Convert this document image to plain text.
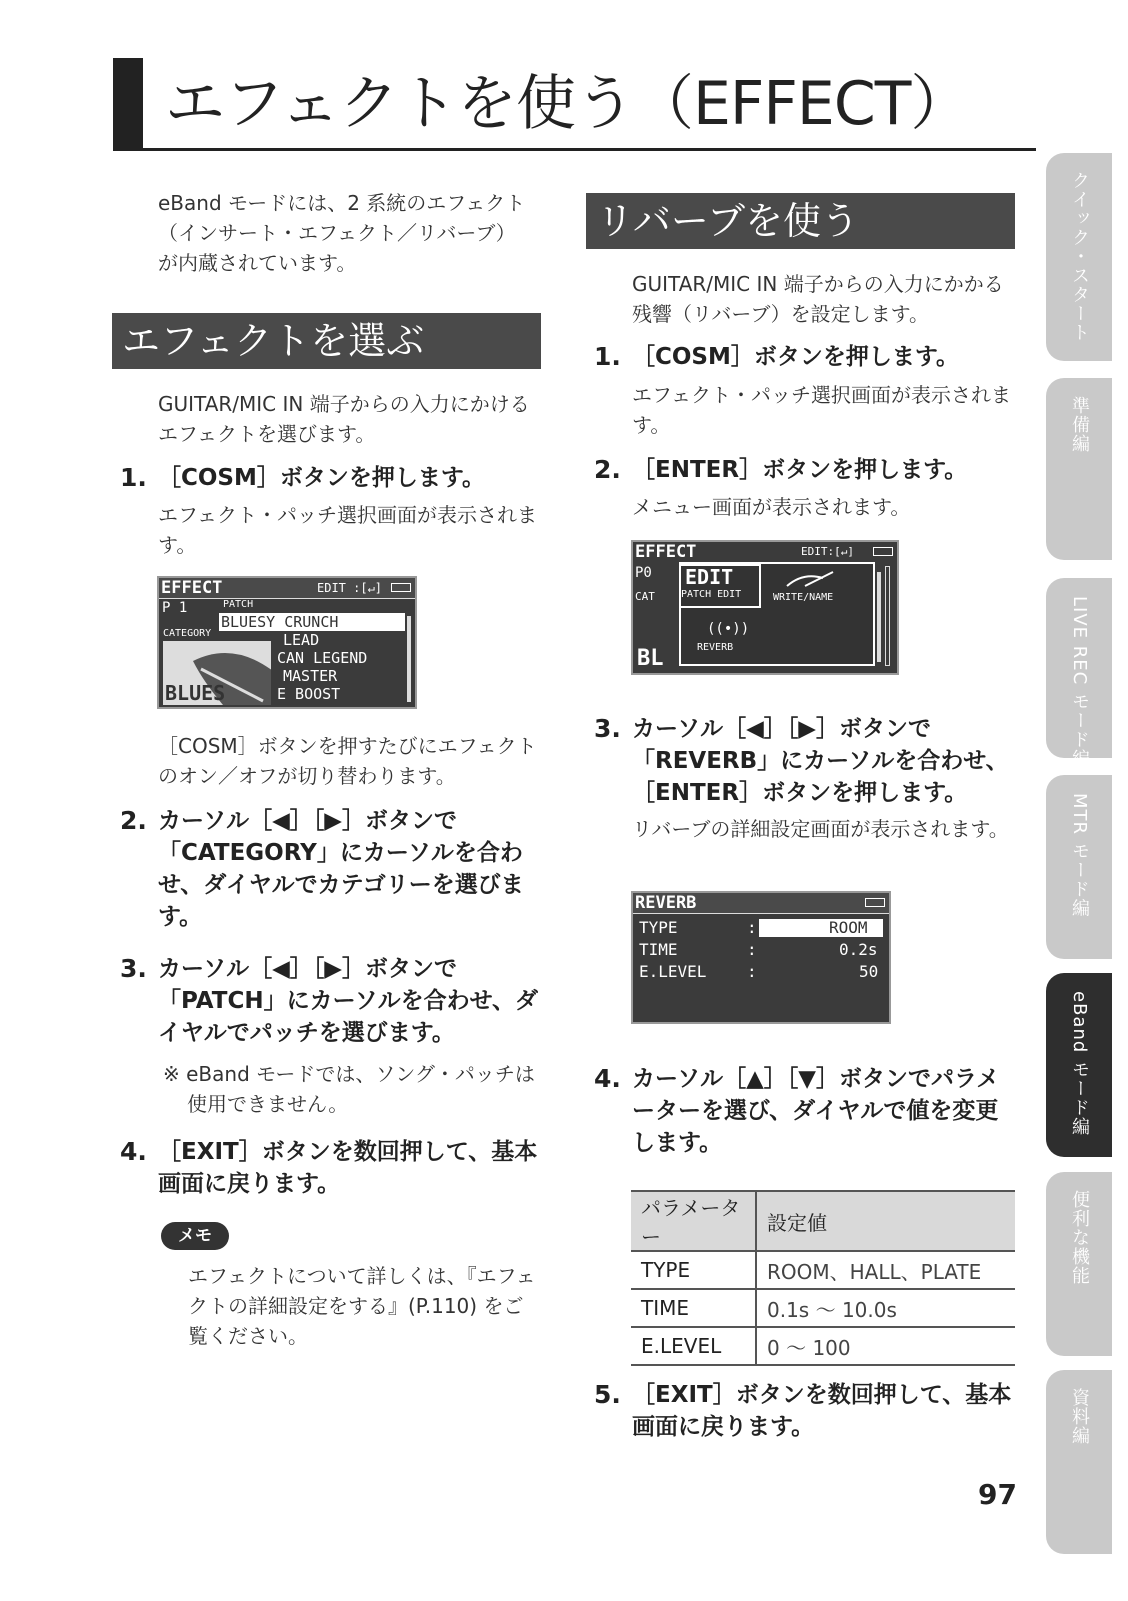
エフェクトを使う（EFFECT）
eBand モードには、2 系統のエフェクト（インサート・エフェクト／リバーブ）が内蔵されています。
エフェクトを選ぶ
GUITAR/MIC IN 端子からの入力にかけるエフェクトを選びます。
1. ［COSM］ボタンを押します。
エフェクト・パッチ選択画面が表示されます。
EFFECT	EDIT :[↵]
P 1	PATCH
CATEGORY
BLUESY CRUNCH
LEAD
CAN LEGEND
MASTER
E BOOST
BLUES
［COSM］ボタンを押すたびにエフェクトのオン／オフが切り替わります。
2. カーソル［◀］［▶］ボタンで「CATEGORY」にカーソルを合わせ、ダイヤルでカテゴリーを選びます。
3. カーソル［◀］［▶］ボタンで「PATCH」にカーソルを合わせ、ダイヤルでパッチを選びます。
※ eBand モードでは、ソング・パッチは使用できません。
4. ［EXIT］ボタンを数回押して、基本画面に戻ります。
メモ
エフェクトについて詳しくは、『エフェクトの詳細設定をする』(P.110) をご覧ください。
リバーブを使う
GUITAR/MIC IN 端子からの入力にかかる残響（リバーブ）を設定します。
1. ［COSM］ボタンを押します。
エフェクト・パッチ選択画面が表示されます。
2. ［ENTER］ボタンを押します。
メニュー画面が表示されます。
EFFECT	EDIT:[↵]
P0
CAT
BL
EDIT
PATCH EDIT	WRITE/NAME
((•))
REVERB
3. カーソル［◀］［▶］ボタンで「REVERB」にカーソルを合わせ、［ENTER］ボタンを押します。
リバーブの詳細設定画面が表示されます。
REVERB
TYPE	:	ROOM
TIME	:	0.2s
E.LEVEL	:	50
4. カーソル［▲］［▼］ボタンでパラメーターを選び、ダイヤルで値を変更します。
パラメーター	設定値
TYPE	ROOM、HALL、PLATE
TIME	0.1s 〜 10.0s
E.LEVEL	0 〜 100
5. ［EXIT］ボタンを数回押して、基本画面に戻ります。
97
クイック・スタート
準備編
LIVE REC モード編
MTR モード編
eBand モード編
便利な機能
資料編
